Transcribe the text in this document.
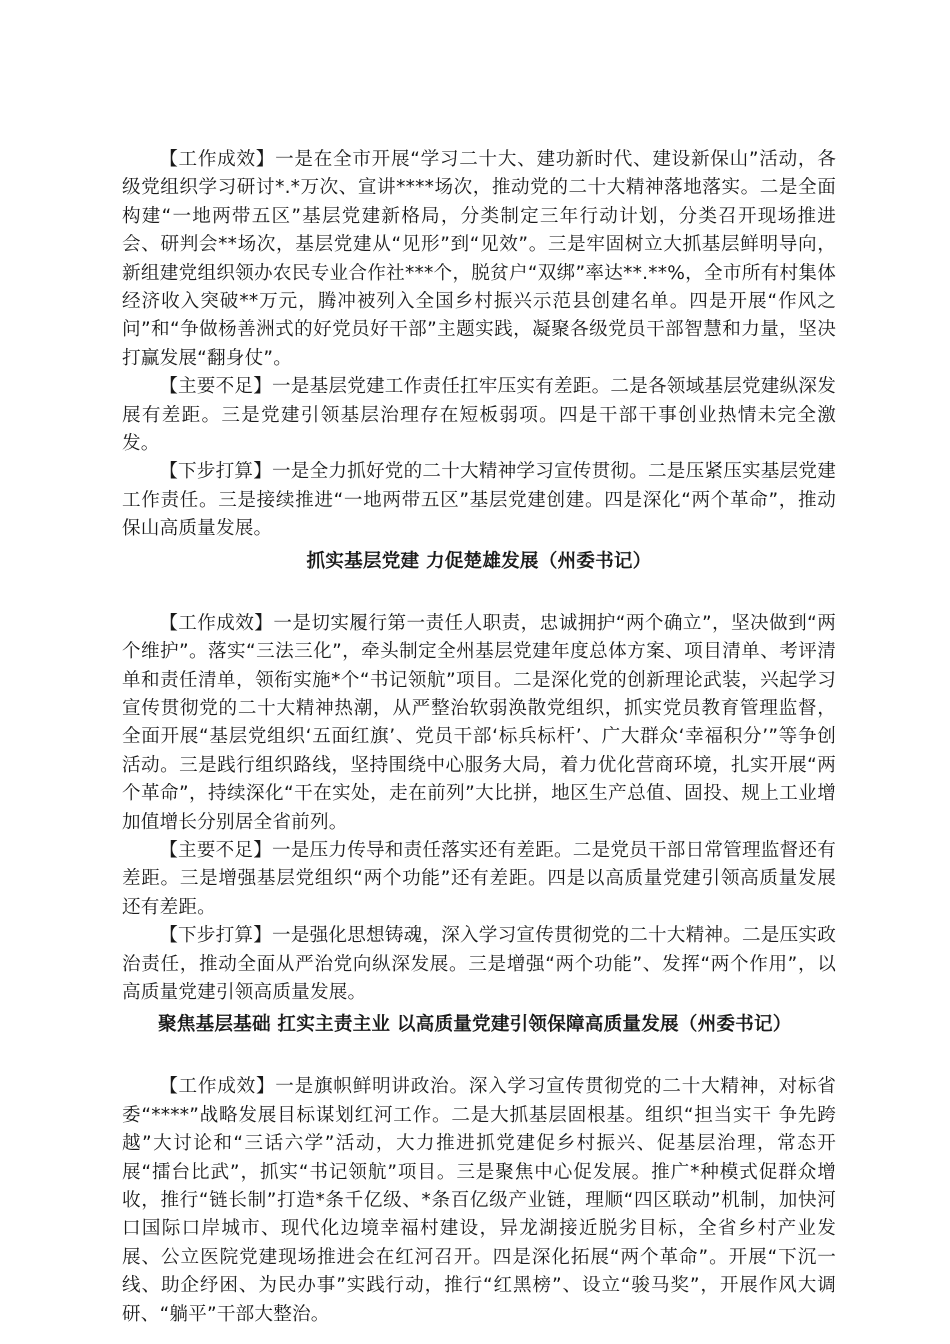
【工作成效】一是在全市开展“学习二十大、建功新时代、建设新保山”活动，各级党组织学习研讨*.*万次、宣讲****场次，推动党的二十大精神落地落实。二是全面构建“一地两带五区”基层党建新格局，分类制定三年行动计划，分类召开现场推进会、研判会**场次，基层党建从“见形”到“见效”。三是牢固树立大抓基层鲜明导向，新组建党组织领办农民专业合作社***个，脱贫户“双绑”率达**.**%，全市所有村集体经济收入突破**万元，腾冲被列入全国乡村振兴示范县创建名单。四是开展“作风之问”和“争做杨善洲式的好党员好干部”主题实践，凝聚各级党员干部智慧和力量，坚决打赢发展“翻身仗”。

【主要不足】一是基层党建工作责任扛牢压实有差距。二是各领域基层党建纵深发展有差距。三是党建引领基层治理存在短板弱项。四是干部干事创业热情未完全激发。

【下步打算】一是全力抓好党的二十大精神学习宣传贯彻。二是压紧压实基层党建工作责任。三是接续推进“一地两带五区”基层党建创建。四是深化“两个革命”，推动保山高质量发展。

抓实基层党建 力促楚雄发展（州委书记）

【工作成效】一是切实履行第一责任人职责，忠诚拥护“两个确立”，坚决做到“两个维护”。落实“三法三化”，牵头制定全州基层党建年度总体方案、项目清单、考评清单和责任清单，领衔实施*个“书记领航”项目。二是深化党的创新理论武装，兴起学习宣传贯彻党的二十大精神热潮，从严整治软弱涣散党组织，抓实党员教育管理监督，全面开展“基层党组织‘五面红旗’、党员干部‘标兵标杆’、广大群众‘幸福积分’”等争创活动。三是践行组织路线，坚持围绕中心服务大局，着力优化营商环境，扎实开展“两个革命”，持续深化“干在实处，走在前列”大比拼，地区生产总值、固投、规上工业增加值增长分别居全省前列。

【主要不足】一是压力传导和责任落实还有差距。二是党员干部日常管理监督还有差距。三是增强基层党组织“两个功能”还有差距。四是以高质量党建引领高质量发展还有差距。

【下步打算】一是强化思想铸魂，深入学习宣传贯彻党的二十大精神。二是压实政治责任，推动全面从严治党向纵深发展。三是增强“两个功能”、发挥“两个作用”，以高质量党建引领高质量发展。

聚焦基层基础 扛实主责主业 以高质量党建引领保障高质量发展（州委书记）

【工作成效】一是旗帜鲜明讲政治。深入学习宣传贯彻党的二十大精神，对标省委“****”战略发展目标谋划红河工作。二是大抓基层固根基。组织“担当实干 争先跨越”大讨论和“三话六学”活动，大力推进抓党建促乡村振兴、促基层治理，常态开展“擂台比武”，抓实“书记领航”项目。三是聚焦中心促发展。推广*种模式促群众增收，推行“链长制”打造*条千亿级、*条百亿级产业链，理顺“四区联动”机制，加快河口国际口岸城市、现代化边境幸福村建设，异龙湖接近脱劣目标，全省乡村产业发展、公立医院党建现场推进会在红河召开。四是深化拓展“两个革命”。开展“下沉一线、助企纾困、为民办事”实践行动，推行“红黑榜”、设立“骏马奖”，开展作风大调研、“躺平”干部大整治。
